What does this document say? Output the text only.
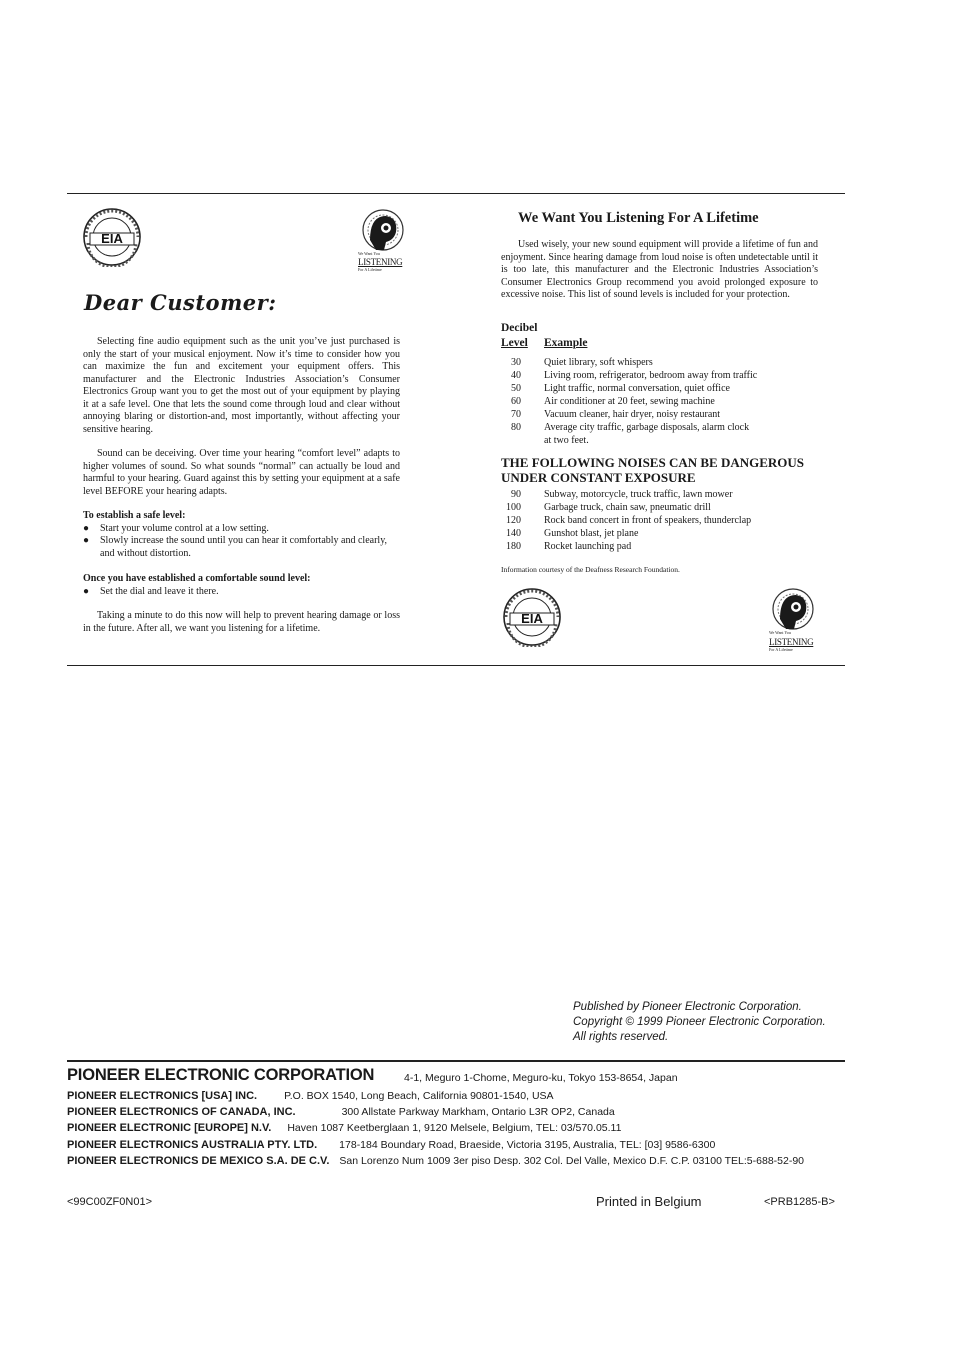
EIA
We Want You
LISTENING
For A Lifetime
Dear Customer:

Selecting fine audio equipment such as the unit you’ve just purchased is only the start of your musical enjoyment. Now it’s time to consider how you can maximize the fun and excitement your equipment offers. This manufacturer and the Electronic Industries Association’s Consumer Electronics Group want you to get the most out of your equipment by playing it at a safe level. One that lets the sound come through loud and clear without annoying blaring or distortion-and, most importantly, without affecting your sensitive hearing.

Sound can be deceiving. Over time your hearing “comfort level” adapts to higher volumes of sound. So what sounds “normal” can actually be loud and harmful to your hearing. Guard against this by setting your equipment at a safe level BEFORE your hearing adapts.

To establish a safe level:
● Start your volume control at a low setting.
● Slowly increase the sound until you can hear it comfortably and clearly, and without distortion.
Once you have established a comfortable sound level:
● Set the dial and leave it there.

Taking a minute to do this now will help to prevent hearing damage or loss in the future. After all, we want you listening for a lifetime.

We Want You Listening For A Lifetime
Used wisely, your new sound equipment will provide a lifetime of fun and enjoyment. Since hearing damage from loud noise is often undetectable until it is too late, this manufacturer and the Electronic Industries Association’s Consumer Electronics Group recommend you avoid prolonged exposure to excessive noise. This list of sound levels is included for your protection.
Decibel
Level Example
30 Quiet library, soft whispers
40 Living room, refrigerator, bedroom away from traffic
50 Light traffic, normal conversation, quiet office
60 Air conditioner at 20 feet, sewing machine
70 Vacuum cleaner, hair dryer, noisy restaurant
80 Average city traffic, garbage disposals, alarm clock
at two feet.
THE FOLLOWING NOISES CAN BE DANGEROUS UNDER CONSTANT EXPOSURE
90 Subway, motorcycle, truck traffic, lawn mower
100 Garbage truck, chain saw, pneumatic drill
120 Rock band concert in front of speakers, thunderclap
140 Gunshot blast, jet plane
180 Rocket launching pad
Information courtesy of the Deafness Research Foundation.
EIA
We Want You
LISTENING
For A Lifetime
Published by Pioneer Electronic Corporation.
Copyright © 1999 Pioneer Electronic Corporation.
All rights reserved.
PIONEER ELECTRONIC CORPORATION	4-1, Meguro 1-Chome, Meguro-ku, Tokyo 153-8654, Japan
PIONEER ELECTRONICS [USA] INC.	P.O. BOX 1540, Long Beach, California 90801-1540, USA
PIONEER ELECTRONICS OF CANADA, INC.	300 Allstate Parkway Markham, Ontario L3R OP2, Canada
PIONEER ELECTRONIC [EUROPE] N.V. Haven 1087 Keetberglaan 1, 9120 Melsele, Belgium, TEL: 03/570.05.11
PIONEER ELECTRONICS AUSTRALIA PTY. LTD. 178-184 Boundary Road, Braeside, Victoria 3195, Australia, TEL: [03] 9586-6300
PIONEER ELECTRONICS DE MEXICO S.A. DE C.V. San Lorenzo Num 1009 3er piso Desp. 302 Col. Del Valle, Mexico D.F. C.P. 03100 TEL:5-688-52-90
<99C00ZF0N01>	Printed in Belgium	<PRB1285-B>
